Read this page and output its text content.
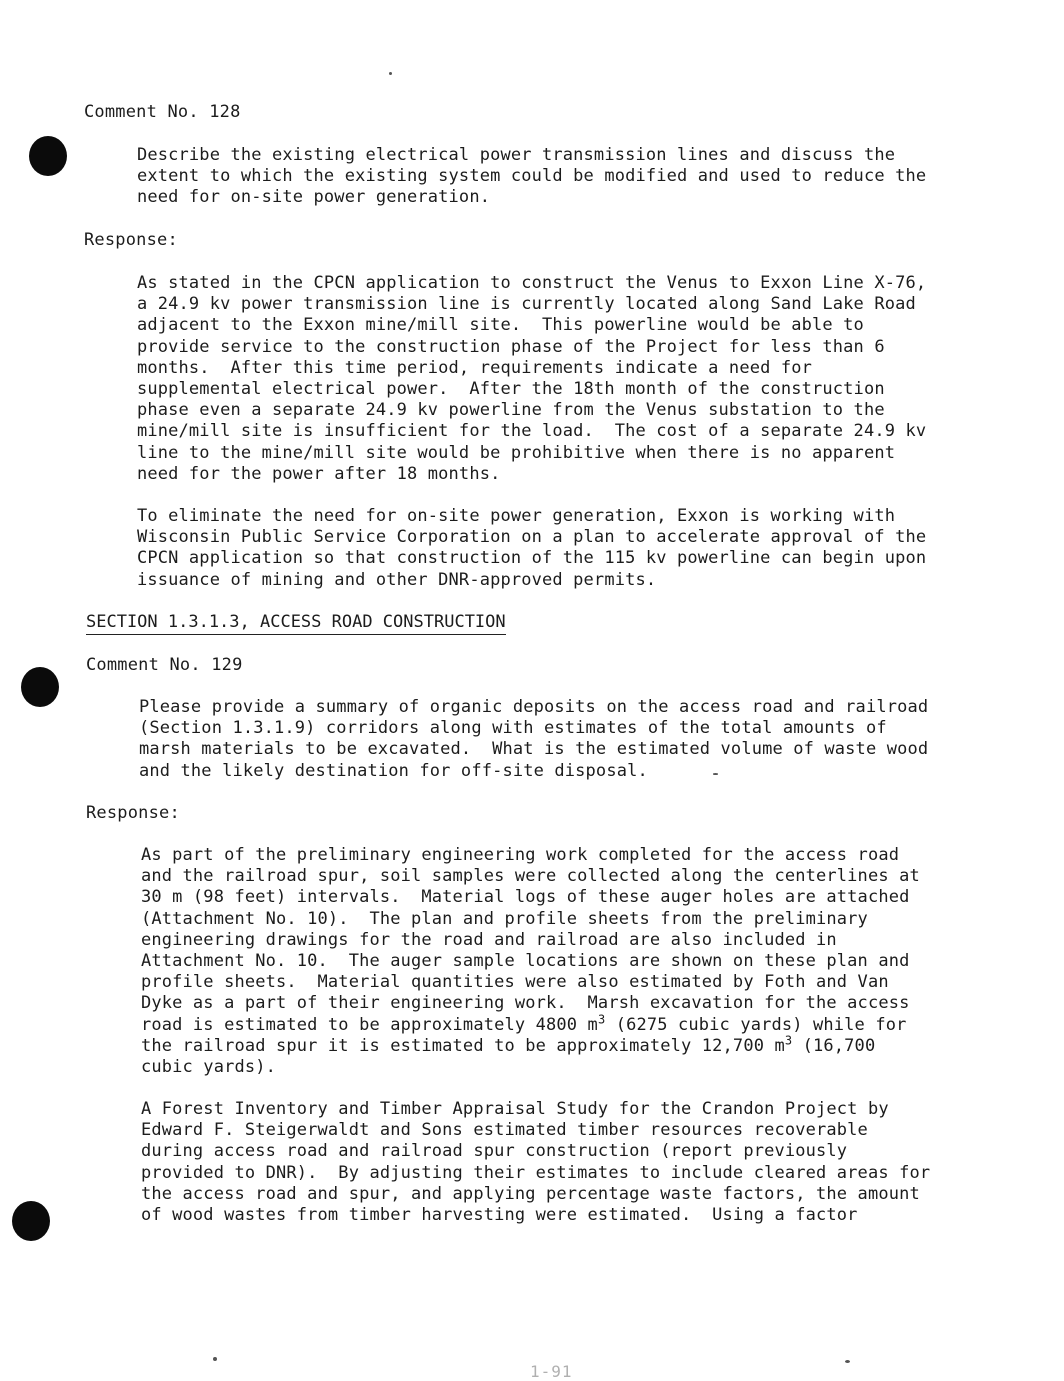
Comment No. 128
Describe the existing electrical power transmission lines and discuss the
extent to which the existing system could be modified and used to reduce the
need for on-site power generation.
Response:
As stated in the CPCN application to construct the Venus to Exxon Line X-76,
a 24.9 kv power transmission line is currently located along Sand Lake Road
adjacent to the Exxon mine/mill site.  This powerline would be able to
provide service to the construction phase of the Project for less than 6
months.  After this time period, requirements indicate a need for
supplemental electrical power.  After the 18th month of the construction
phase even a separate 24.9 kv powerline from the Venus substation to the
mine/mill site is insufficient for the load.  The cost of a separate 24.9 kv
line to the mine/mill site would be prohibitive when there is no apparent
need for the power after 18 months.
To eliminate the need for on-site power generation, Exxon is working with
Wisconsin Public Service Corporation on a plan to accelerate approval of the
CPCN application so that construction of the 115 kv powerline can begin upon
issuance of mining and other DNR-approved permits.
SECTION 1.3.1.3, ACCESS ROAD CONSTRUCTION
Comment No. 129
Please provide a summary of organic deposits on the access road and railroad
(Section 1.3.1.9) corridors along with estimates of the total amounts of
marsh materials to be excavated.  What is the estimated volume of waste wood
and the likely destination for off-site disposal.
Response:
As part of the preliminary engineering work completed for the access road
and the railroad spur, soil samples were collected along the centerlines at
30 m (98 feet) intervals.  Material logs of these auger holes are attached
(Attachment No. 10).  The plan and profile sheets from the preliminary
engineering drawings for the road and railroad are also included in
Attachment No. 10.  The auger sample locations are shown on these plan and
profile sheets.  Material quantities were also estimated by Foth and Van
Dyke as a part of their engineering work.  Marsh excavation for the access
road is estimated to be approximately 4800 $m^3$ (6275 cubic yards) while for
the railroad spur it is estimated to be approximately 12,700 $m^3$ (16,700
cubic yards).
A Forest Inventory and Timber Appraisal Study for the Crandon Project by
Edward F. Steigerwaldt and Sons estimated timber resources recoverable
during access road and railroad spur construction (report previously
provided to DNR).  By adjusting their estimates to include cleared areas for
the access road and spur, and applying percentage waste factors, the amount
of wood wastes from timber harvesting were estimated.  Using a factor
1-91
